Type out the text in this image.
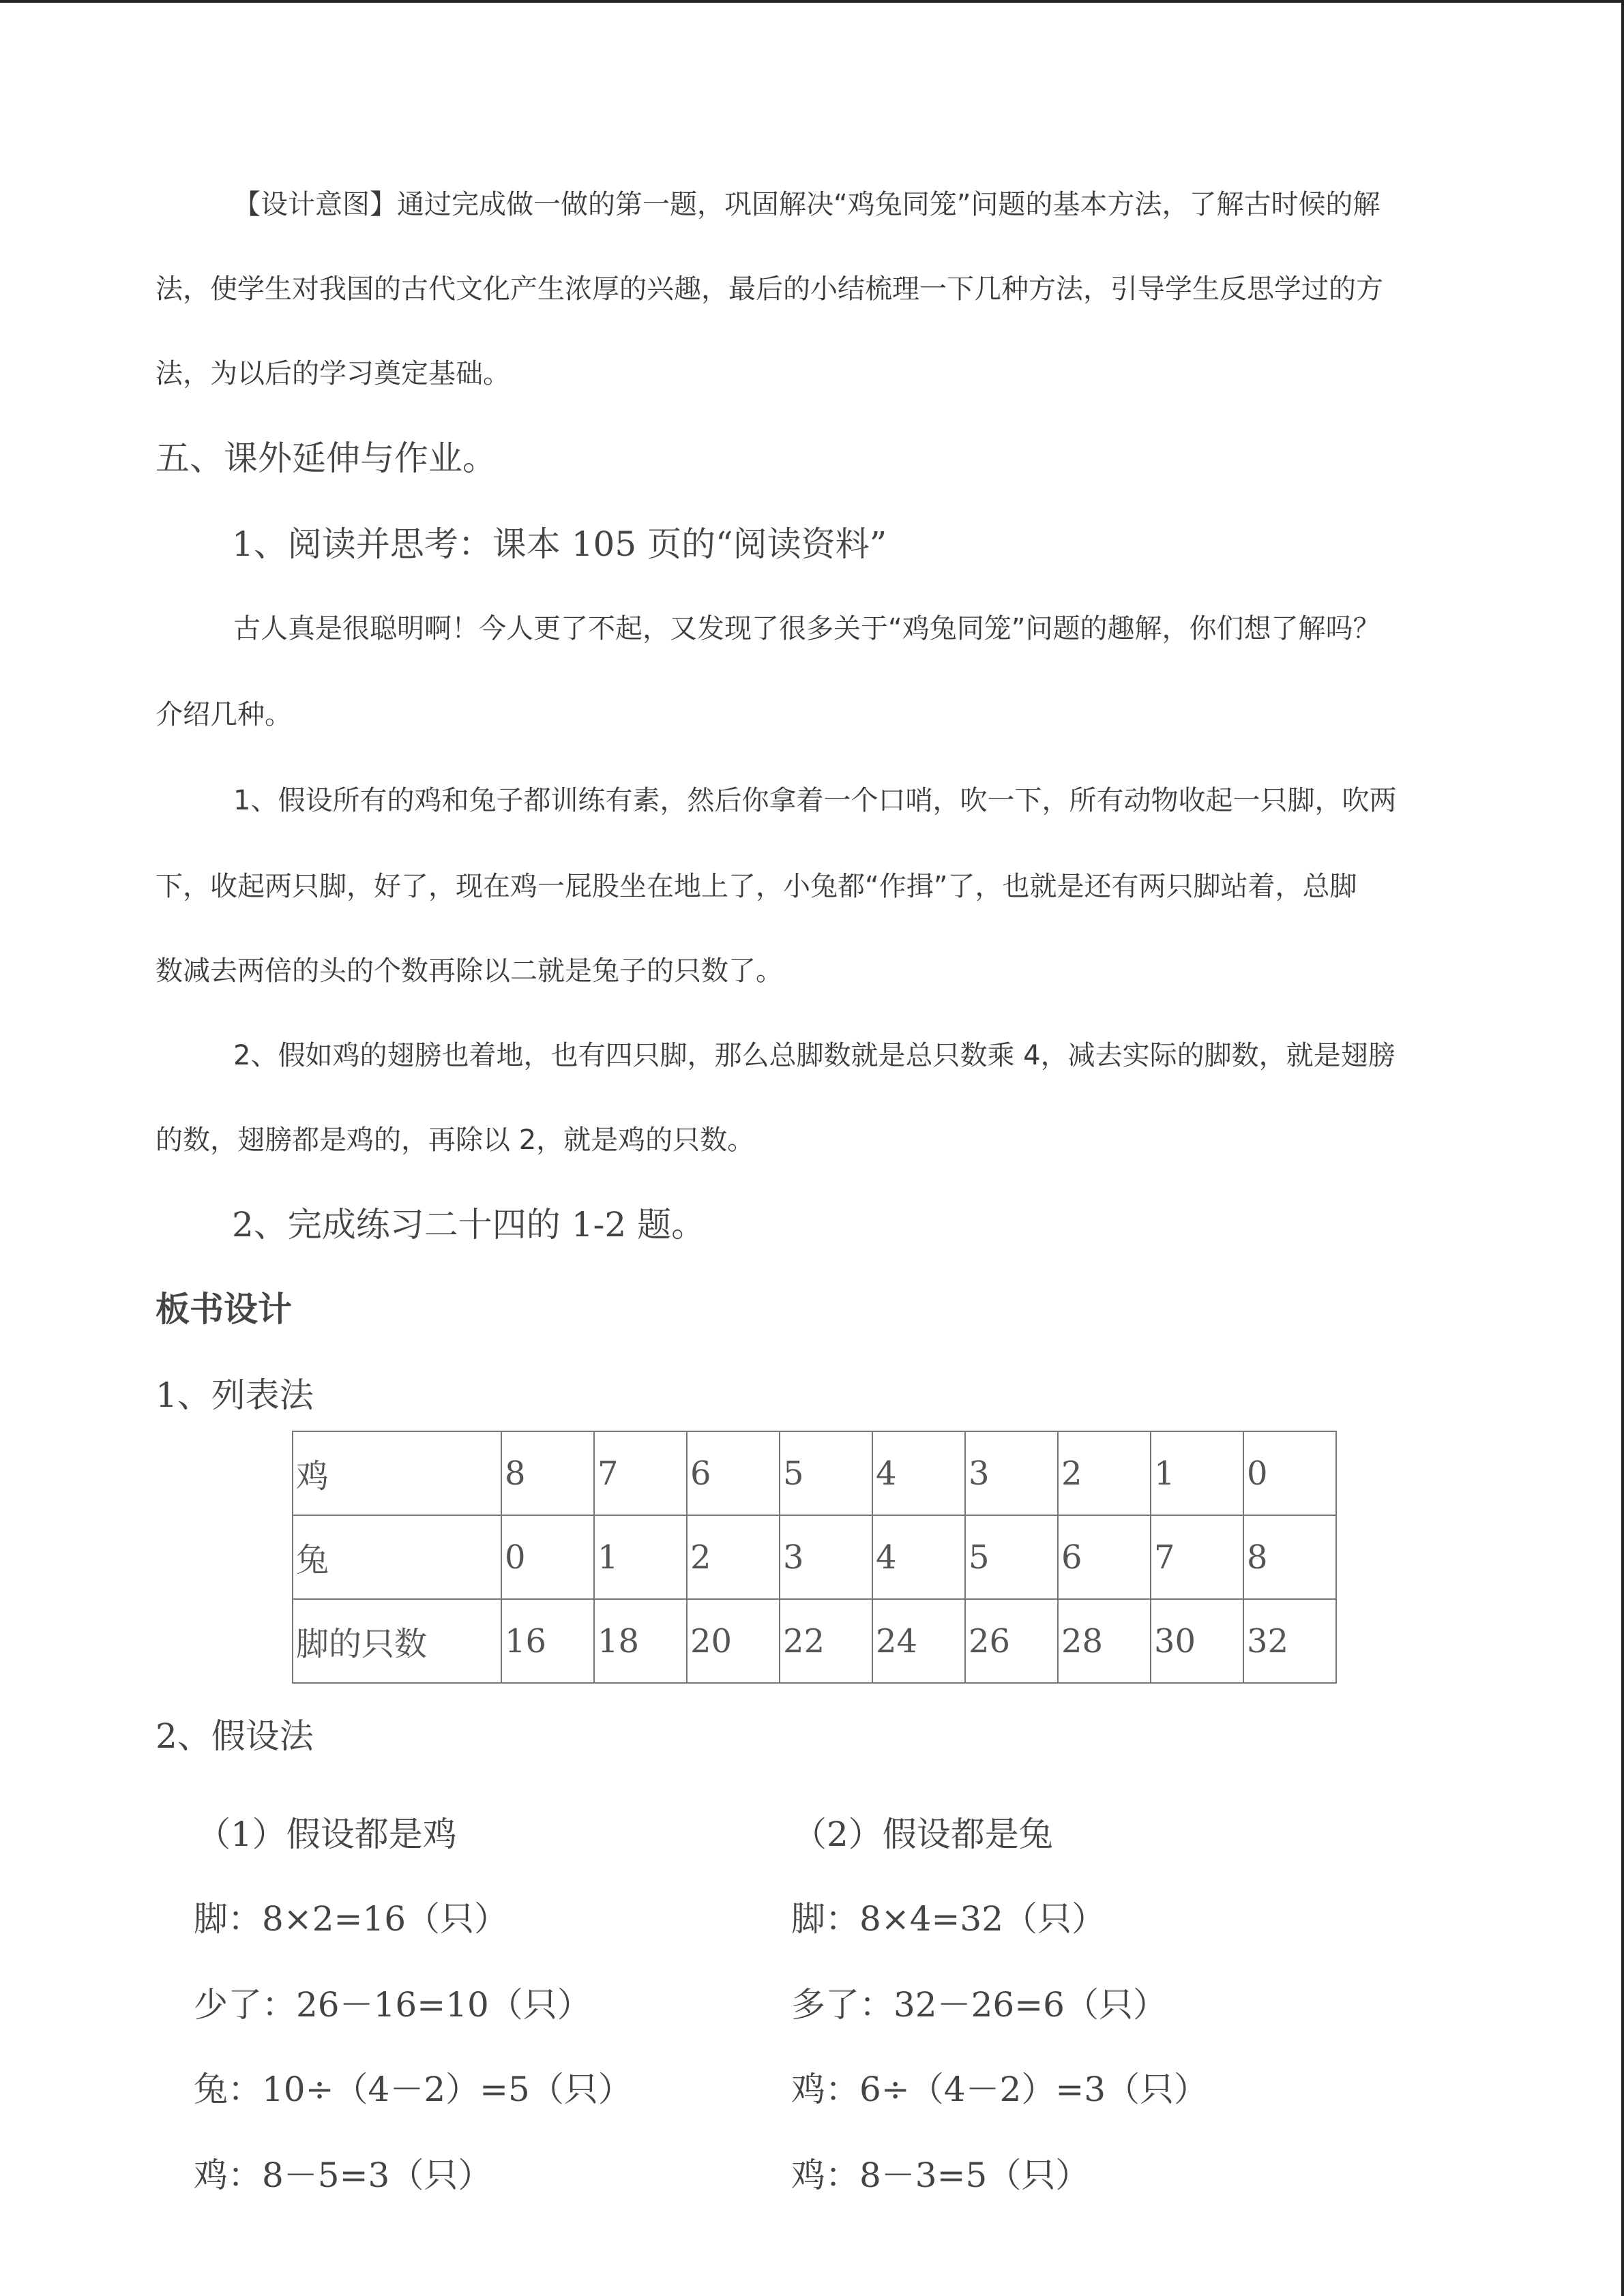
【设计意图】通过完成做一做的第一题，巩固解决“鸡兔同笼”问题的基本方法，了解古时候的解
法，使学生对我国的古代文化产生浓厚的兴趣，最后的小结梳理一下几种方法，引导学生反思学过的方
法，为以后的学习奠定基础。
五、课外延伸与作业。
1、阅读并思考：课本 105 页的“阅读资料”
古人真是很聪明啊！今人更了不起，又发现了很多关于“鸡兔同笼”问题的趣解，你们想了解吗？
介绍几种。
1、假设所有的鸡和兔子都训练有素，然后你拿着一个口哨，吹一下，所有动物收起一只脚，吹两
下，收起两只脚，好了，现在鸡一屁股坐在地上了，小兔都“作揖”了，也就是还有两只脚站着，总脚
数减去两倍的头的个数再除以二就是兔子的只数了。
2、假如鸡的翅膀也着地，也有四只脚，那么总脚数就是总只数乘 4，减去实际的脚数，就是翅膀
的数，翅膀都是鸡的，再除以 2，就是鸡的只数。
2、完成练习二十四的 1-2 题。
板书设计
1、列表法
鸡	8	7	6	5	4	3	2	1	0
兔	0	1	2	3	4	5	6	7	8
脚的只数	16	18	20	22	24	26	28	30	32
2、假设法
（1）假设都是鸡
脚：8×2=16（只）
少了：26－16=10（只）
兔：10÷（4－2）=5（只）
鸡：8－5=3（只）
（2）假设都是兔
脚：8×4=32（只）
多了：32－26=6（只）
鸡：6÷（4－2）=3（只）
鸡：8－3=5（只）
